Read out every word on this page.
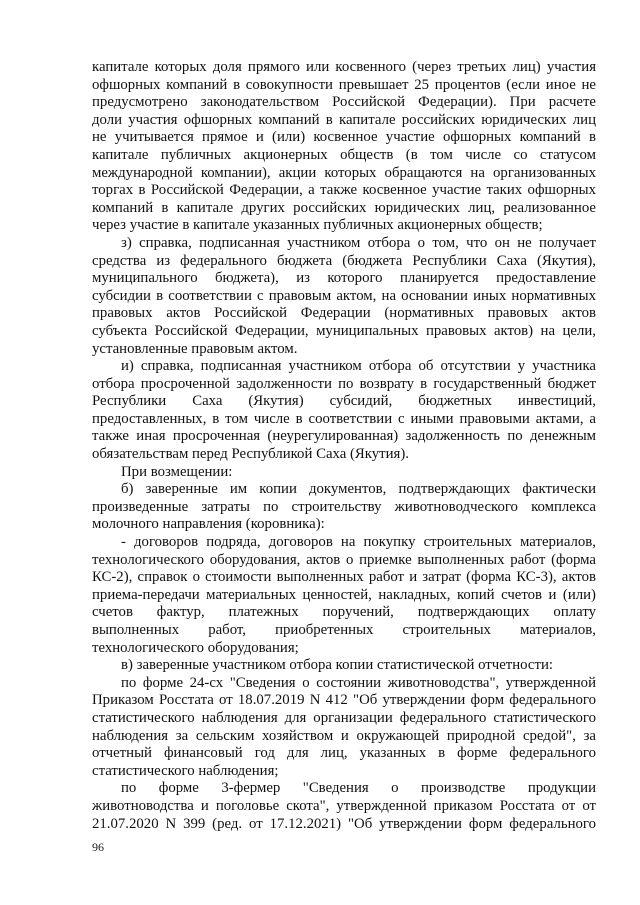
капитале которых доля прямого или косвенного (через третьих лиц) участия
офшорных компаний в совокупности превышает 25 процентов (если иное не
предусмотрено законодательством Российской Федерации). При расчете
доли участия офшорных компаний в капитале российских юридических лиц
не учитывается прямое и (или) косвенное участие офшорных компаний в
капитале публичных акционерных обществ (в том числе со статусом
международной компании), акции которых обращаются на организованных
торгах в Российской Федерации, а также косвенное участие таких офшорных
компаний в капитале других российских юридических лиц, реализованное
через участие в капитале указанных публичных акционерных обществ;
з) справка, подписанная участником отбора о том, что он не получает
средства из федерального бюджета (бюджета Республики Саха (Якутия),
муниципального бюджета), из которого планируется предоставление
субсидии в соответствии с правовым актом, на основании иных нормативных
правовых актов Российской Федерации (нормативных правовых актов
субъекта Российской Федерации, муниципальных правовых актов) на цели,
установленные правовым актом.
и) справка, подписанная участником отбора об отсутствии у участника
отбора просроченной задолженности по возврату в государственный бюджет
Республики Саха (Якутия) субсидий, бюджетных инвестиций,
предоставленных, в том числе в соответствии с иными правовыми актами, а
также иная просроченная (неурегулированная) задолженность по денежным
обязательствам перед Республикой Саха (Якутия).
При возмещении:
б) заверенные им копии документов, подтверждающих фактически
произведенные затраты по строительству животноводческого комплекса
молочного направления (коровника):
- договоров подряда, договоров на покупку строительных материалов,
технологического оборудования, актов о приемке выполненных работ (форма
КС-2), справок о стоимости выполненных работ и затрат (форма КС-3), актов
приема-передачи материальных ценностей, накладных, копий счетов и (или)
счетов фактур, платежных поручений, подтверждающих оплату
выполненных работ, приобретенных строительных материалов,
технологического оборудования;
в) заверенные участником отбора копии статистической отчетности:
по форме 24-сх "Сведения о состоянии животноводства", утвержденной
Приказом Росстата от 18.07.2019 N 412 "Об утверждении форм федерального
статистического наблюдения для организации федерального статистического
наблюдения за сельским хозяйством и окружающей природной средой", за
отчетный финансовый год для лиц, указанных в форме федерального
статистического наблюдения;
по форме 3-фермер "Сведения о производстве продукции
животноводства и поголовье скота", утвержденной приказом Росстата от от
21.07.2020 N 399 (ред. от 17.12.2021) "Об утверждении форм федерального
96
